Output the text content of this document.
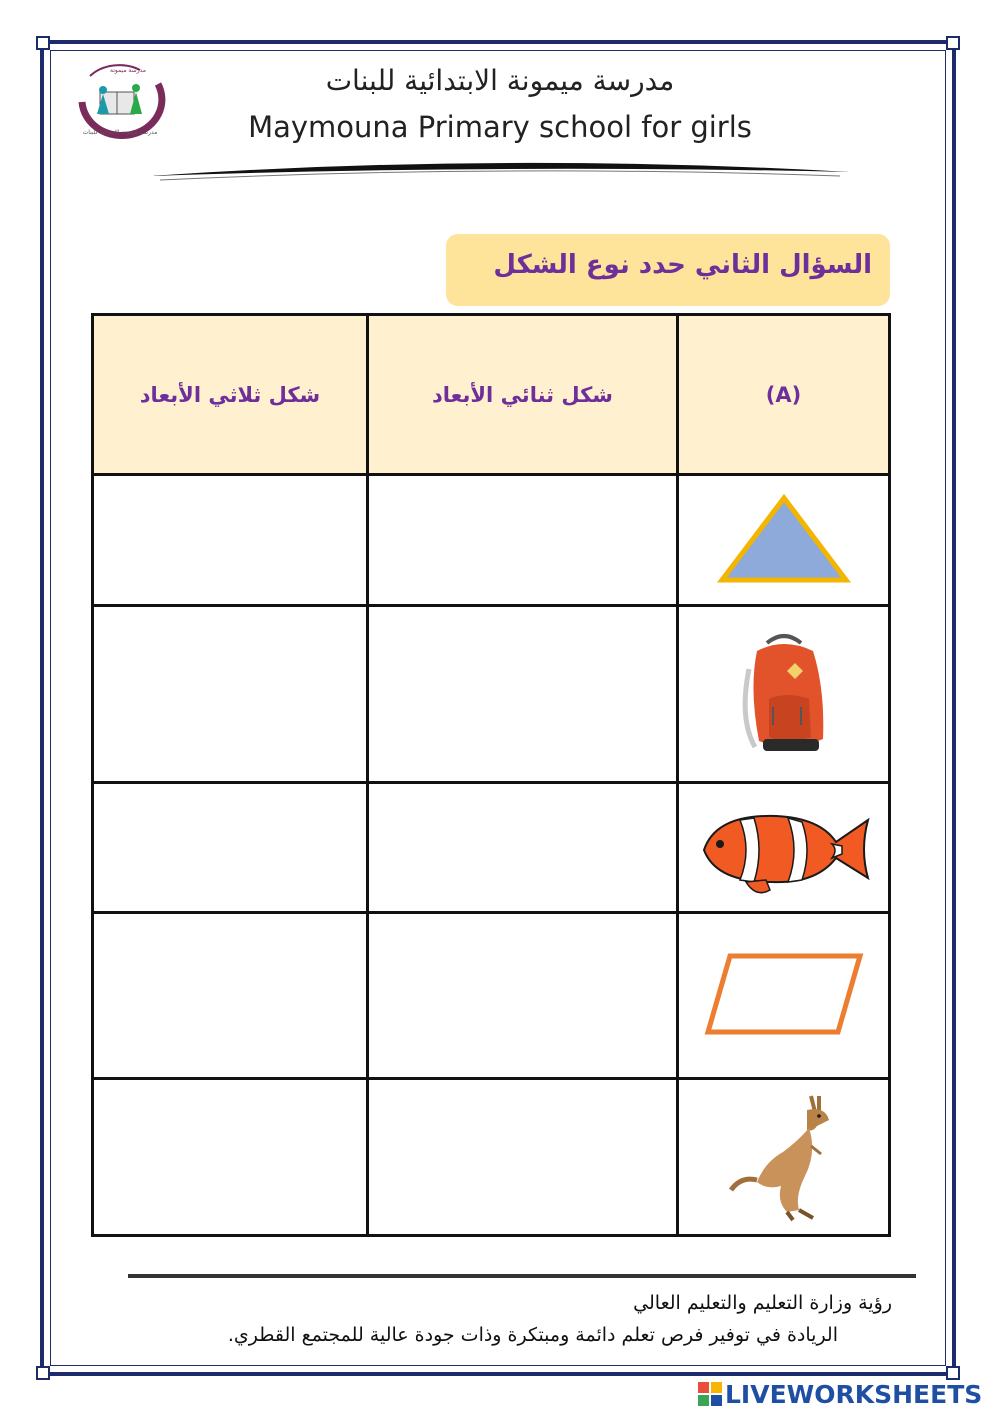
مدرسة ميمونة الابتدائية للبنات
مدرسة ميمونة	مدرسة ميمونة الابتدائية للبنات
Maymouna Primary school for girls
السؤال الثاني حدد نوع الشكل
شكل ثلاثي الأبعاد	شكل ثنائي الأبعاد	(A)

رؤية وزارة التعليم والتعليم العالي
الريادة في توفير فرص تعلم دائمة ومبتكرة وذات جودة عالية للمجتمع القطري.
LIVEWORKSHEETS
